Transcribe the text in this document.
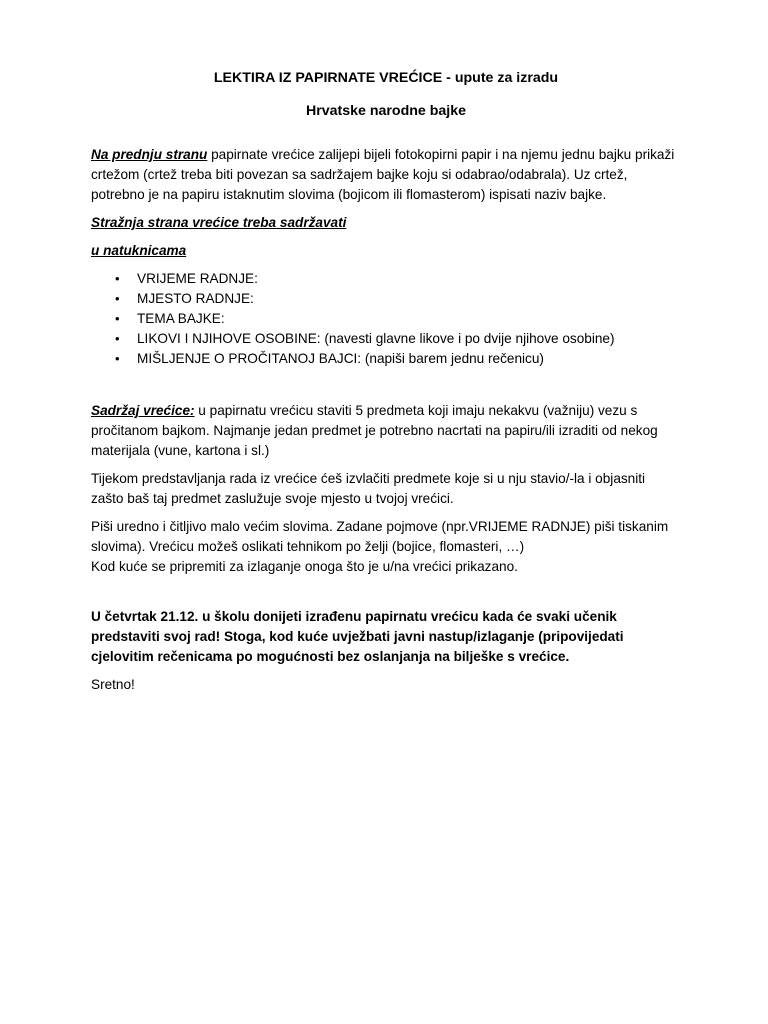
LEKTIRA IZ PAPIRNATE VREĆICE - upute za izradu
Hrvatske narodne bajke

Na prednju stranu papirnate vrećice zalijepi bijeli fotokopirni papir i na njemu jednu bajku prikaži crtežom (crtež treba biti povezan sa sadržajem bajke koju si odabrao/odabrala). Uz crtež, potrebno je na papiru istaknutim slovima (bojicom ili flomasterom) ispisati naziv bajke.

Stražnja strana vrećice treba sadržavati

u natuknicama

• VRIJEME RADNJE:
• MJESTO RADNJE:
• TEMA BAJKE:
• LIKOVI I NJIHOVE OSOBINE: (navesti glavne likove i po dvije njihove osobine)
• MIŠLJENJE O PROČITANOJ BAJCI: (napiši barem jednu rečenicu)

Sadržaj vrećice: u papirnatu vrećicu staviti 5 predmeta koji imaju nekakvu (važniju) vezu s pročitanom bajkom. Najmanje jedan predmet je potrebno nacrtati na papiru/ili izraditi od nekog materijala (vune, kartona i sl.)

Tijekom predstavljanja rada iz vrećice ćeš izvlačiti predmete koje si u nju stavio/-la i objasniti zašto baš taj predmet zaslužuje svoje mjesto u tvojoj vrećici.

Piši uredno i čitljivo malo većim slovima. Zadane pojmove (npr.VRIJEME RADNJE) piši tiskanim slovima). Vrećicu možeš oslikati tehnikom po želji (bojice, flomasteri, …)
Kod kuće se pripremiti za izlaganje onoga što je u/na vrećici prikazano.

U četvrtak 21.12. u školu donijeti izrađenu papirnatu vrećicu kada će svaki učenik predstaviti svoj rad! Stoga, kod kuće uvježbati javni nastup/izlaganje (pripovijedati cjelovitim rečenicama po mogućnosti bez oslanjanja na bilješke s vrećice.

Sretno!
